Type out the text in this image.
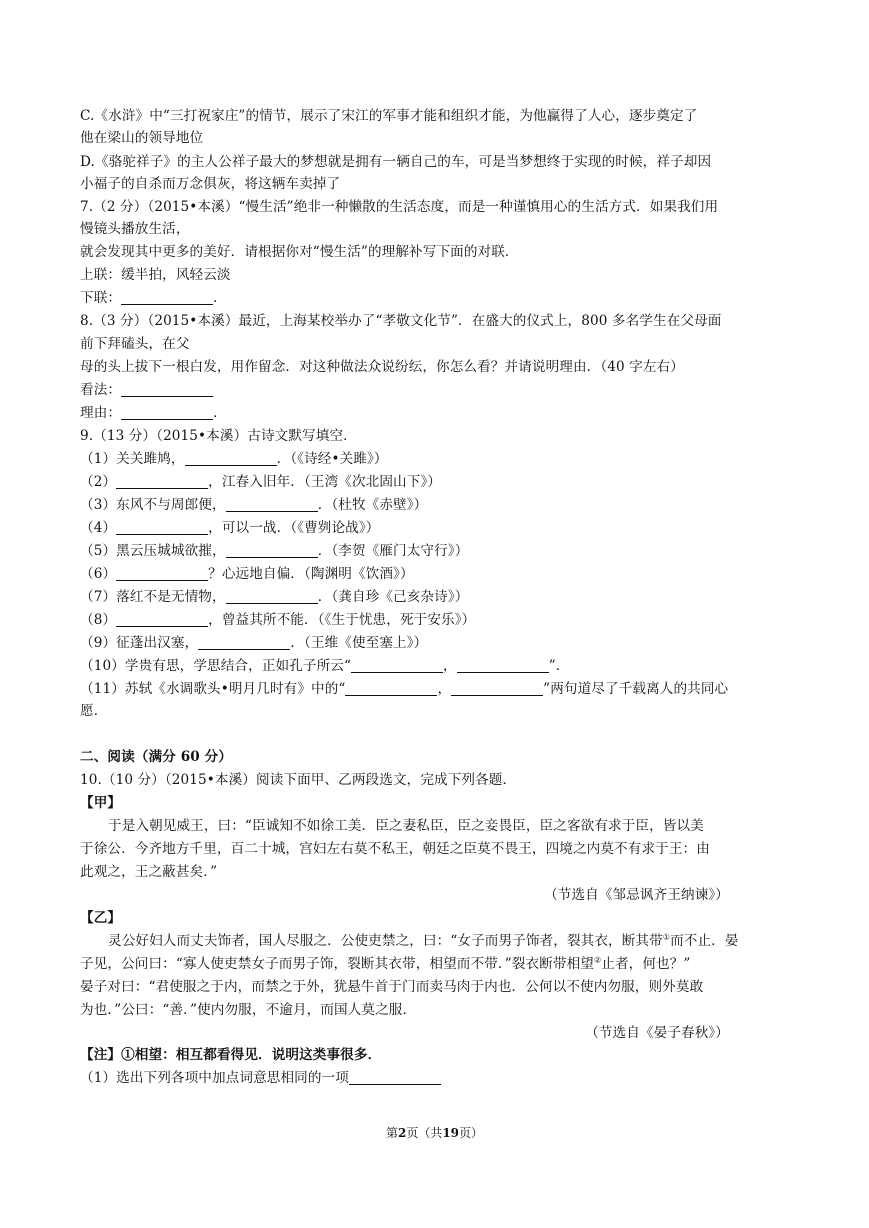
C.《水浒》中“三打祝家庄”的情节，展示了宋江的军事才能和组织才能，为他赢得了人心，逐步奠定了
他在梁山的领导地位
D.《骆驼祥子》的主人公祥子最大的梦想就是拥有一辆自己的车，可是当梦想终于实现的时候，祥子却因
小福子的自杀而万念俱灰，将这辆车卖掉了
7.（2 分）（2015•本溪）“慢生活”绝非一种懒散的生活态度，而是一种谨慎用心的生活方式．如果我们用
慢镜头播放生活，
就会发现其中更多的美好．请根据你对“慢生活”的理解补写下面的对联．
上联：缓半拍，风轻云淡
下联：	．
8.（3 分）（2015•本溪）最近，上海某校举办了“孝敬文化节”．在盛大的仪式上，800 多名学生在父母面
前下拜磕头，在父
母的头上拔下一根白发，用作留念．对这种做法众说纷纭，你怎么看？并请说明理由．（40 字左右）
看法：
理由：	．
9.（13 分）（2015•本溪）古诗文默写填空．
（1）关关雎鸠，	．（《诗经•关雎》）
（2）	，江春入旧年．（王湾《次北固山下》）
（3）东风不与周郎便，	．（杜牧《赤壁》）
（4）	，可以一战．（《曹刿论战》）
（5）黑云压城城欲摧，	．（李贺《雁门太守行》）
（6）	？心远地自偏．（陶渊明《饮酒》）
（7）落红不是无情物，	．（龚自珍《己亥杂诗》）
（8）	，曾益其所不能．（《生于忧患，死于安乐》）
（9）征蓬出汉塞，	．（王维《使至塞上》）
（10）学贵有思，学思结合，正如孔子所云“	，	”．
（11）苏轼《水调歌头•明月几时有》中的“	，	”两句道尽了千载离人的共同心
愿．
二、阅读（满分 60 分）
10.（10 分）（2015•本溪）阅读下面甲、乙两段选文，完成下列各题．
【甲】
于是入朝见威王，曰：“臣诚知不如徐工美．臣之妻私臣，臣之妾畏臣，臣之客欲有求于臣，皆以美
于徐公．今齐地方千里，百二十城，宫妇左右莫不私王，朝廷之臣莫不畏王，四境之内莫不有求于王：由
此观之，王之蔽甚矣．”
（节选自《邹忌讽齐王纳谏》）
【乙】
灵公好妇人而丈夫饰者，国人尽服之．公使吏禁之，曰：“女子而男子饰者，裂其衣，断其带①而不止．晏
子见，公问曰：“寡人使吏禁女子而男子饰，裂断其衣带，相望而不带．”裂衣断带相望②止者，何也？”
晏子对曰：“君使服之于内，而禁之于外，犹悬牛首于门而卖马肉于内也．公何以不使内勿服，则外莫敢
为也．”公曰：“善．”使内勿服，不逾月，而国人莫之服．
（节选自《晏子春秋》）
【注】①相望：相互都看得见．说明这类事很多．
（1）选出下列各项中加点词意思相同的一项
第2页（共19页）
